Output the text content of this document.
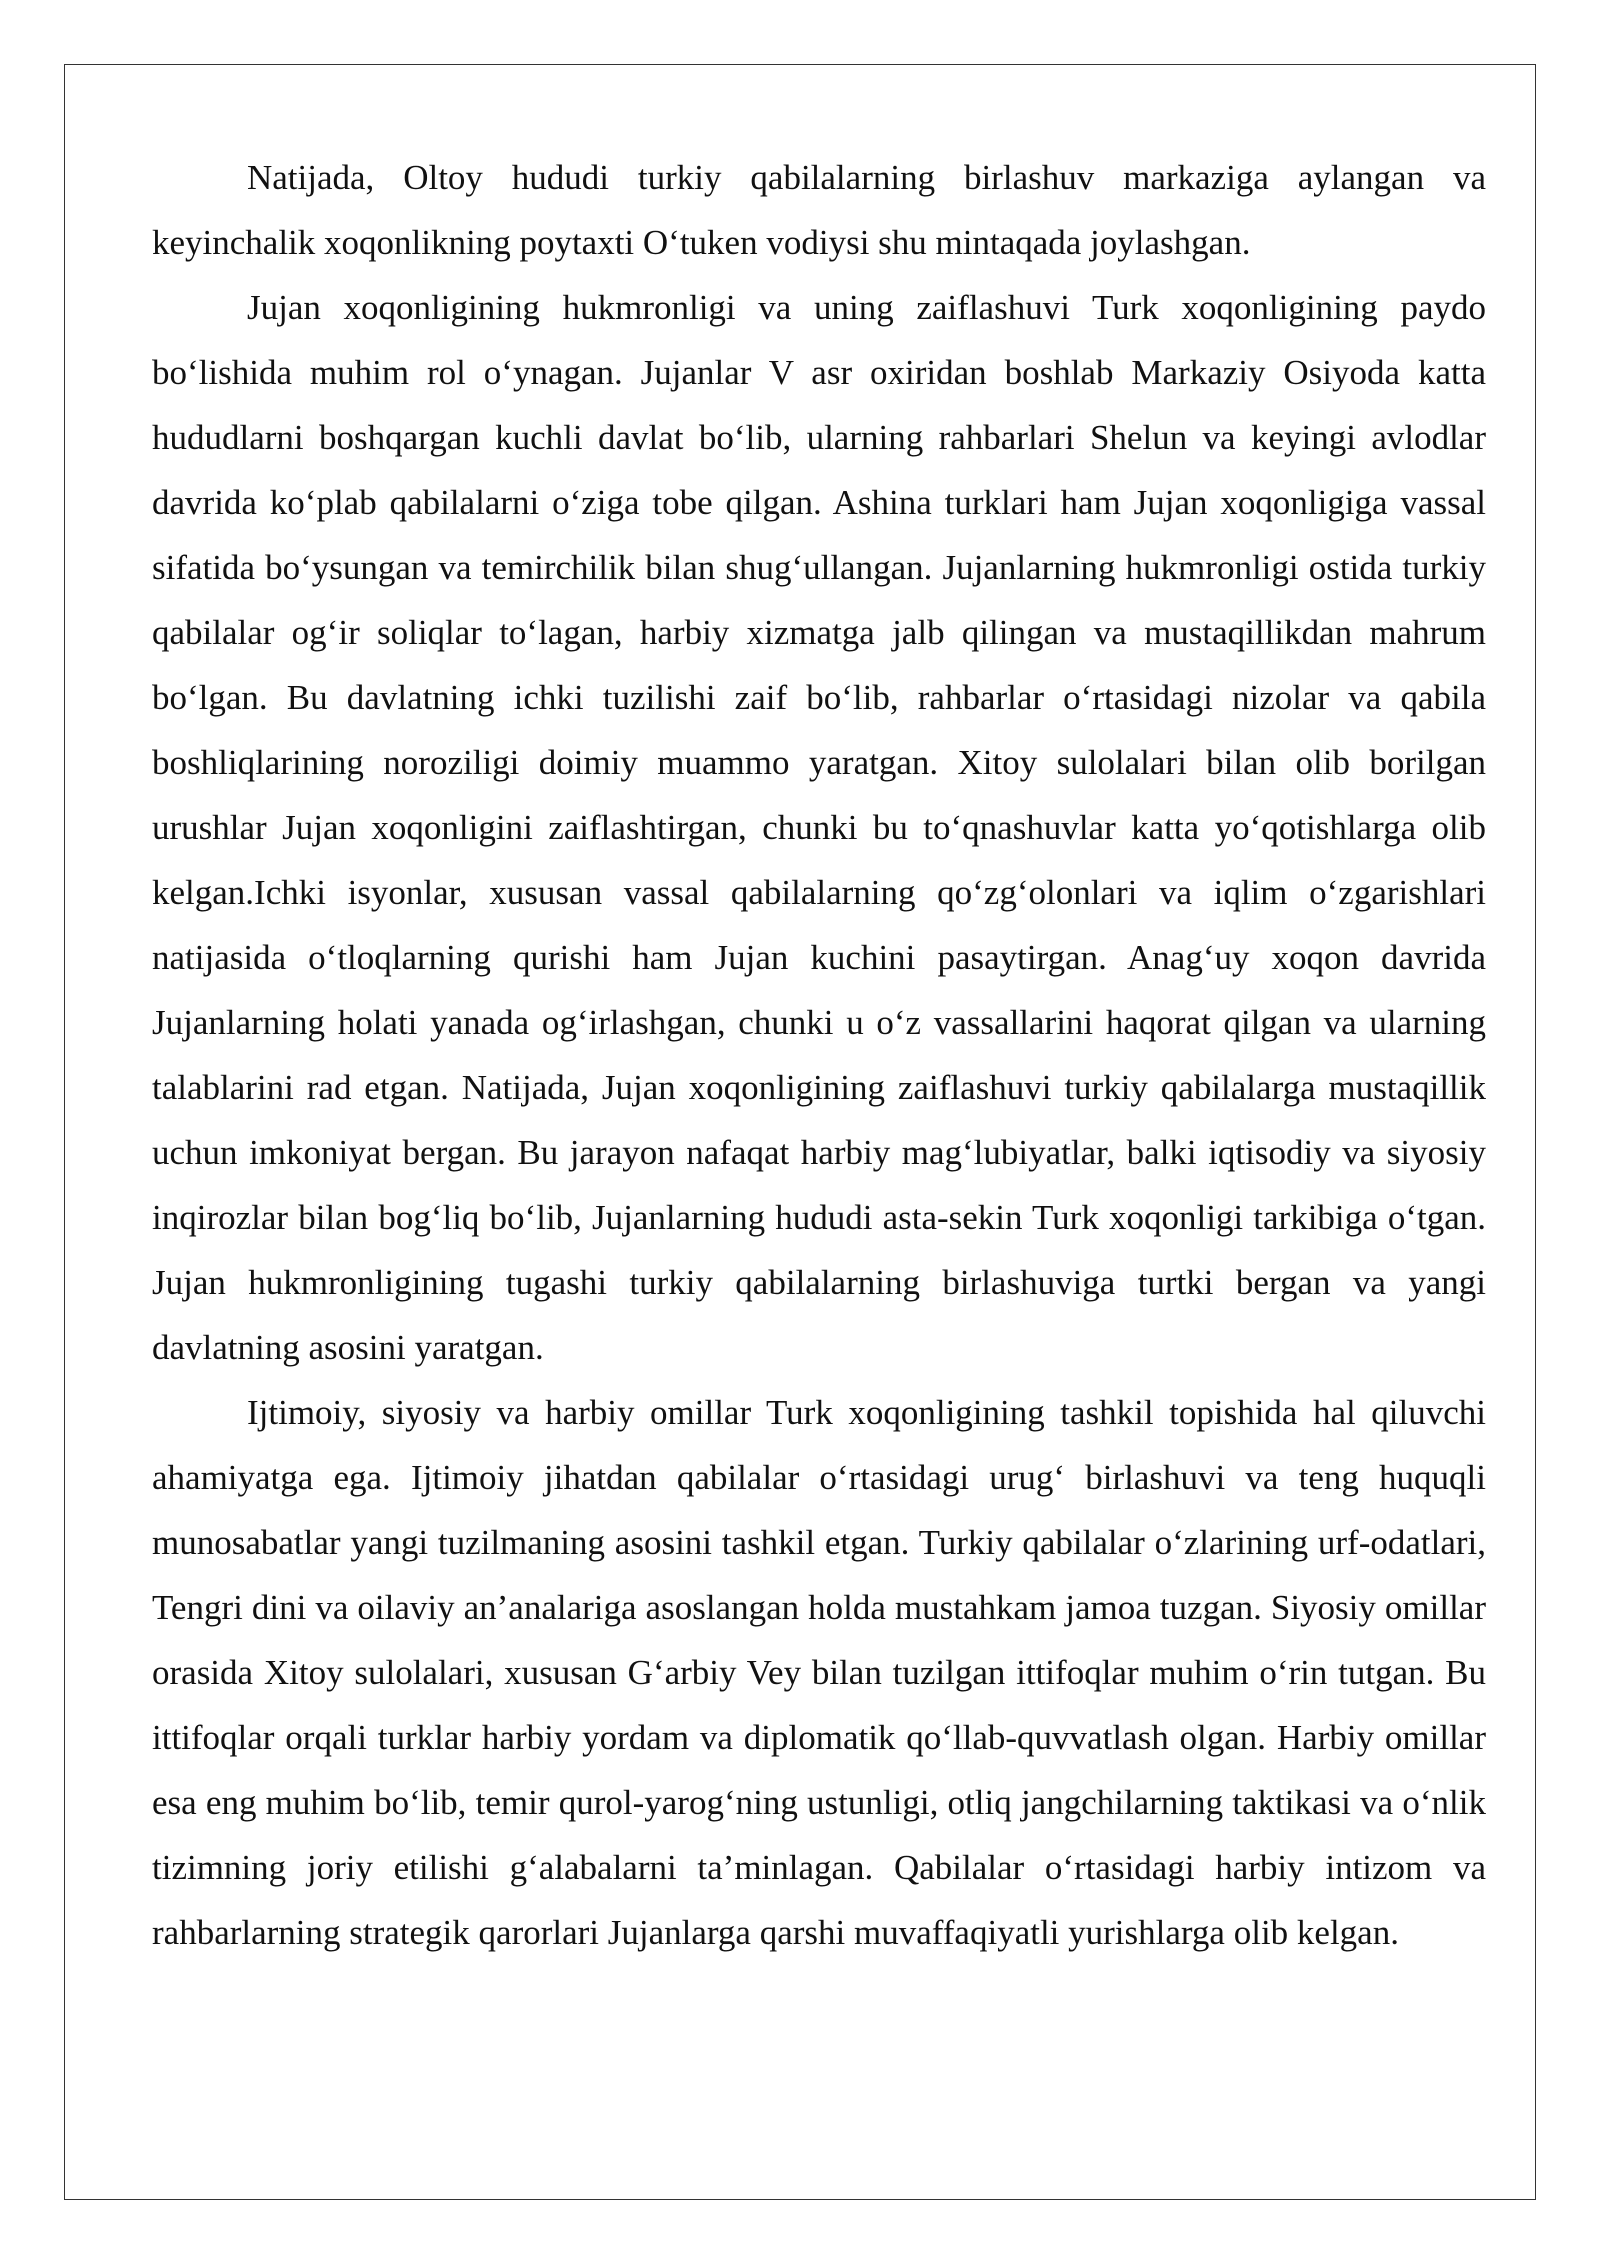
Natijada, Oltoy hududi turkiy qabilalarning birlashuv markaziga aylangan va keyinchalik xoqonlikning poytaxti Oʻtuken vodiysi shu mintaqada joylashgan.

Jujan xoqonligining hukmronligi va uning zaiflashuvi Turk xoqonligining paydo boʻlishida muhim rol oʻynagan. Jujanlar V asr oxiridan boshlab Markaziy Osiyoda katta hududlarni boshqargan kuchli davlat boʻlib, ularning rahbarlari Shelun va keyingi avlodlar davrida koʻplab qabilalarni oʻziga tobe qilgan. Ashina turklari ham Jujan xoqonligiga vassal sifatida boʻysungan va temirchilik bilan shugʻullangan. Jujanlarning hukmronligi ostida turkiy qabilalar ogʻir soliqlar toʻlagan, harbiy xizmatga jalb qilingan va mustaqillikdan mahrum boʻlgan. Bu davlatning ichki tuzilishi zaif boʻlib, rahbarlar oʻrtasidagi nizolar va qabila boshliqlarining noroziligi doimiy muammo yaratgan. Xitoy sulolalari bilan olib borilgan urushlar Jujan xoqonligini zaiflashtirgan, chunki bu toʻqnashuvlar katta yoʻqotishlarga olib kelgan.Ichki isyonlar, xususan vassal qabilalarning qoʻzgʻolonlari va iqlim oʻzgarishlari natijasida oʻtloqlarning qurishi ham Jujan kuchini pasaytirgan. Anagʻuy xoqon davrida Jujanlarning holati yanada ogʻirlashgan, chunki u oʻz vassallarini haqorat qilgan va ularning talablarini rad etgan. Natijada, Jujan xoqonligining zaiflashuvi turkiy qabilalarga mustaqillik uchun imkoniyat bergan. Bu jarayon nafaqat harbiy magʻlubiyatlar, balki iqtisodiy va siyosiy inqirozlar bilan bogʻliq boʻlib, Jujanlarning hududi asta-sekin Turk xoqonligi tarkibiga oʻtgan. Jujan hukmronligining tugashi turkiy qabilalarning birlashuviga turtki bergan va yangi davlatning asosini yaratgan.

Ijtimoiy, siyosiy va harbiy omillar Turk xoqonligining tashkil topishida hal qiluvchi ahamiyatga ega. Ijtimoiy jihatdan qabilalar oʻrtasidagi urugʻ birlashuvi va teng huquqli munosabatlar yangi tuzilmaning asosini tashkil etgan. Turkiy qabilalar oʻzlarining urf-odatlari, Tengri dini va oilaviy an’analariga asoslangan holda mustahkam jamoa tuzgan. Siyosiy omillar orasida Xitoy sulolalari, xususan Gʻarbiy Vey bilan tuzilgan ittifoqlar muhim oʻrin tutgan. Bu ittifoqlar orqali turklar harbiy yordam va diplomatik qoʻllab-quvvatlash olgan. Harbiy omillar esa eng muhim boʻlib, temir qurol-yarogʻning ustunligi, otliq jangchilarning taktikasi va oʻnlik tizimning joriy etilishi gʻalabalarni ta’minlagan. Qabilalar oʻrtasidagi harbiy intizom va rahbarlarning strategik qarorlari Jujanlarga qarshi muvaffaqiyatli yurishlarga olib kelgan.
